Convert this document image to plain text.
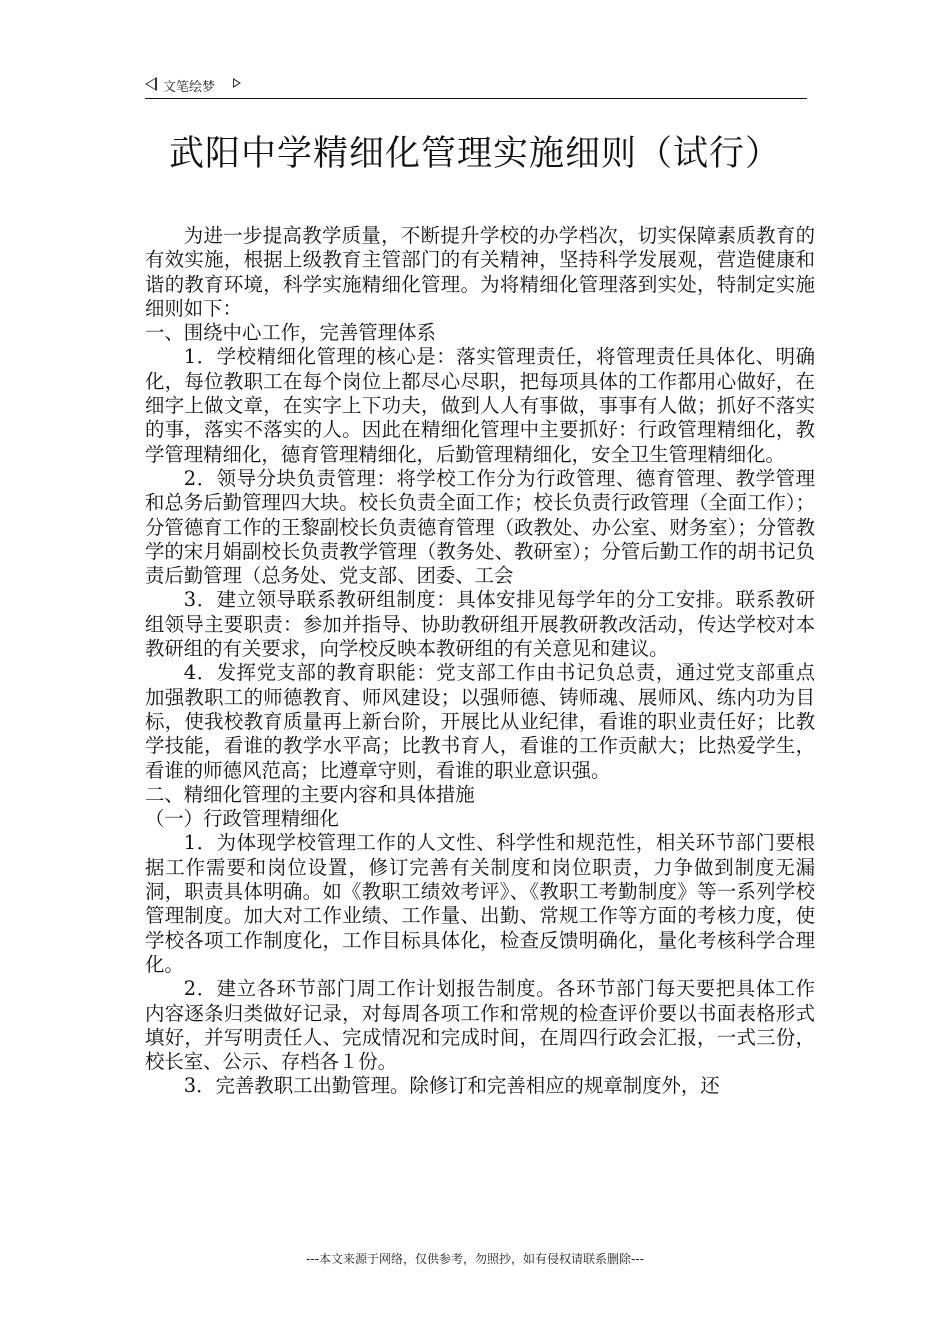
文笔绘梦
武阳中学精细化管理实施细则（试行）

为进一步提高教学质量，不断提升学校的办学档次，切实保障素质教育的有效实施，根据上级教育主管部门的有关精神，坚持科学发展观，营造健康和谐的教育环境，科学实施精细化管理。为将精细化管理落到实处，特制定实施细则如下：

一、围绕中心工作，完善管理体系

1．学校精细化管理的核心是：落实管理责任，将管理责任具体化、明确化，每位教职工在每个岗位上都尽心尽职，把每项具体的工作都用心做好，在细字上做文章，在实字上下功夫，做到人人有事做，事事有人做；抓好不落实的事，落实不落实的人。因此在精细化管理中主要抓好：行政管理精细化，教学管理精细化，德育管理精细化，后勤管理精细化，安全卫生管理精细化。

2．领导分块负责管理：将学校工作分为行政管理、德育管理、教学管理和总务后勤管理四大块。校长负责全面工作；校长负责行政管理（全面工作）；分管德育工作的王黎副校长负责德育管理（政教处、办公室、财务室）；分管教学的宋月娟副校长负责教学管理（教务处、教研室）；分管后勤工作的胡书记负责后勤管理（总务处、党支部、团委、工会

3．建立领导联系教研组制度：具体安排见每学年的分工安排。联系教研组领导主要职责：参加并指导、协助教研组开展教研教改活动，传达学校对本教研组的有关要求，向学校反映本教研组的有关意见和建议。

4．发挥党支部的教育职能：党支部工作由书记负总责，通过党支部重点加强教职工的师德教育、师风建设；以强师德、铸师魂、展师风、练内功为目标，使我校教育质量再上新台阶，开展比从业纪律，看谁的职业责任好；比教学技能，看谁的教学水平高；比教书育人，看谁的工作贡献大；比热爱学生，看谁的师德风范高；比遵章守则，看谁的职业意识强。

二、精细化管理的主要内容和具体措施

（一）行政管理精细化

1．为体现学校管理工作的人文性、科学性和规范性，相关环节部门要根据工作需要和岗位设置，修订完善有关制度和岗位职责，力争做到制度无漏洞，职责具体明确。如《教职工绩效考评》、《教职工考勤制度》等一系列学校管理制度。加大对工作业绩、工作量、出勤、常规工作等方面的考核力度，使学校各项工作制度化，工作目标具体化，检查反馈明确化，量化考核科学合理化。

2．建立各环节部门周工作计划报告制度。各环节部门每天要把具体工作内容逐条归类做好记录，对每周各项工作和常规的检查评价要以书面表格形式填好，并写明责任人、完成情况和完成时间，在周四行政会汇报，一式三份，校长室、公示、存档各１份。

3．完善教职工出勤管理。除修订和完善相应的规章制度外，还

---本文来源于网络，仅供参考，勿照抄，如有侵权请联系删除---
